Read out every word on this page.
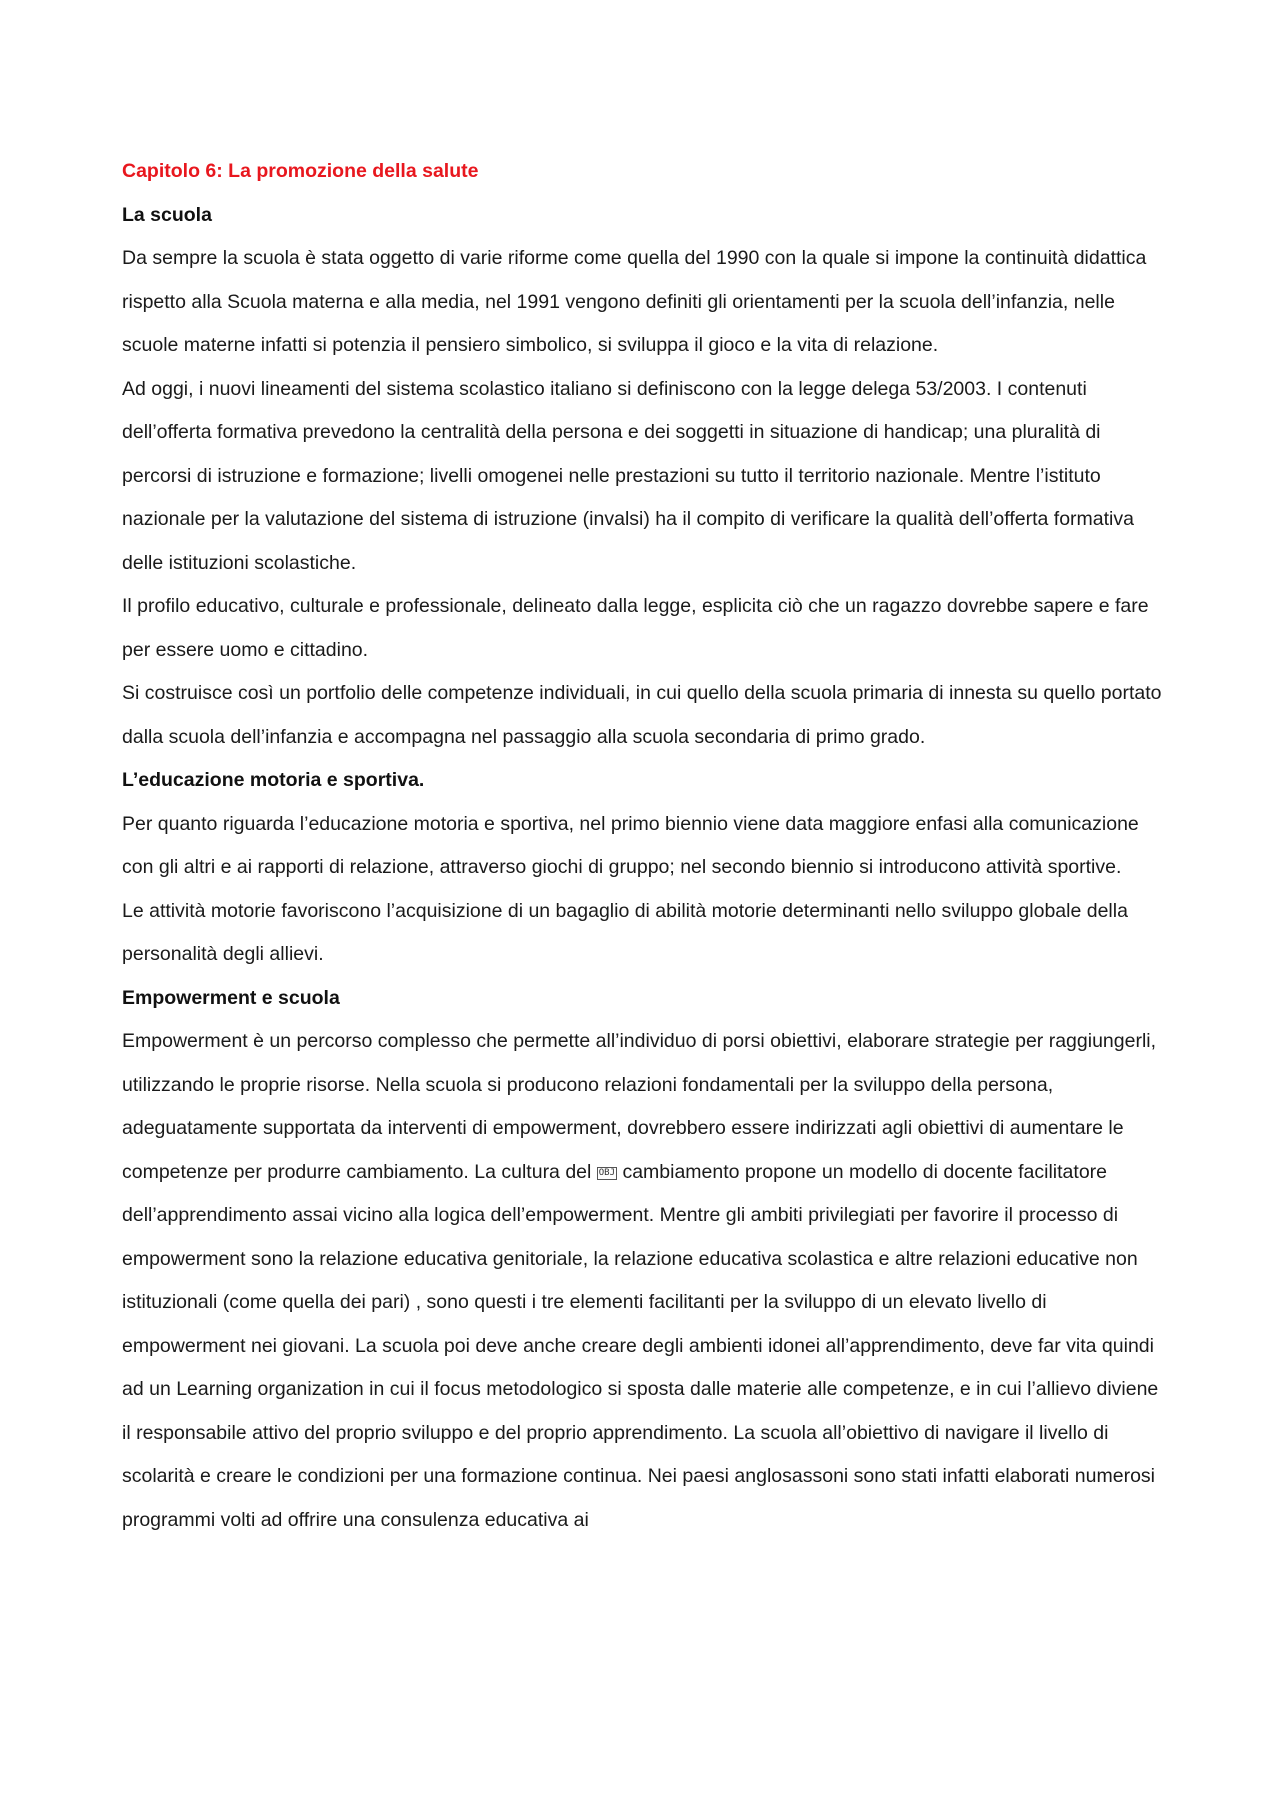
Capitolo 6: La promozione della salute

La scuola

Da sempre la scuola è stata oggetto di varie riforme come quella del 1990 con la quale si impone la continuità didattica rispetto alla Scuola materna e alla media, nel 1991 vengono definiti gli orientamenti per la scuola dell’infanzia, nelle scuole materne infatti si potenzia il pensiero simbolico, si sviluppa il gioco e la vita di relazione.

Ad oggi, i nuovi lineamenti del sistema scolastico italiano si definiscono con la legge delega 53/2003. I contenuti dell’offerta formativa prevedono la centralità della persona e dei soggetti in situazione di handicap; una pluralità di percorsi di istruzione e formazione; livelli omogenei nelle prestazioni su tutto il territorio nazionale. Mentre l’istituto nazionale per la valutazione del sistema di istruzione (invalsi) ha il compito di verificare la qualità dell’offerta formativa delle istituzioni scolastiche.

Il profilo educativo, culturale e professionale, delineato dalla legge, esplicita ciò che un ragazzo dovrebbe sapere e fare per essere uomo e cittadino.

Si costruisce così un portfolio delle competenze individuali, in cui quello della scuola primaria di innesta su quello portato dalla scuola dell’infanzia e accompagna nel passaggio alla scuola secondaria di primo grado.

L’educazione motoria e sportiva.

Per quanto riguarda l’educazione motoria e sportiva, nel primo biennio viene data maggiore enfasi alla comunicazione con gli altri e ai rapporti di relazione, attraverso giochi di gruppo; nel secondo biennio si introducono attività sportive.

Le attività motorie favoriscono l’acquisizione di un bagaglio di abilità motorie determinanti nello sviluppo globale della personalità degli allievi.

Empowerment e scuola

Empowerment è un percorso complesso che permette all’individuo di porsi obiettivi, elaborare strategie per raggiungerli, utilizzando le proprie risorse. Nella scuola si producono relazioni fondamentali per la sviluppo della persona, adeguatamente supportata da interventi di empowerment, dovrebbero essere indirizzati agli obiettivi di aumentare le competenze per produrre cambiamento. La cultura del OBJ cambiamento propone un modello di docente facilitatore dell’apprendimento assai vicino alla logica dell’empowerment. Mentre gli ambiti privilegiati per favorire il processo di empowerment sono la relazione educativa genitoriale, la relazione educativa scolastica e altre relazioni educative non istituzionali (come quella dei pari) , sono questi i tre elementi facilitanti per la sviluppo di un elevato livello di empowerment nei giovani. La scuola poi deve anche creare degli ambienti idonei all’apprendimento, deve far vita quindi ad un Learning organization in cui il focus metodologico si sposta dalle materie alle competenze, e in cui l’allievo diviene il responsabile attivo del proprio sviluppo e del proprio apprendimento. La scuola all’obiettivo di navigare il livello di scolarità e creare le condizioni per una formazione continua. Nei paesi anglosassoni sono stati infatti elaborati numerosi programmi volti ad offrire una consulenza educativa ai
